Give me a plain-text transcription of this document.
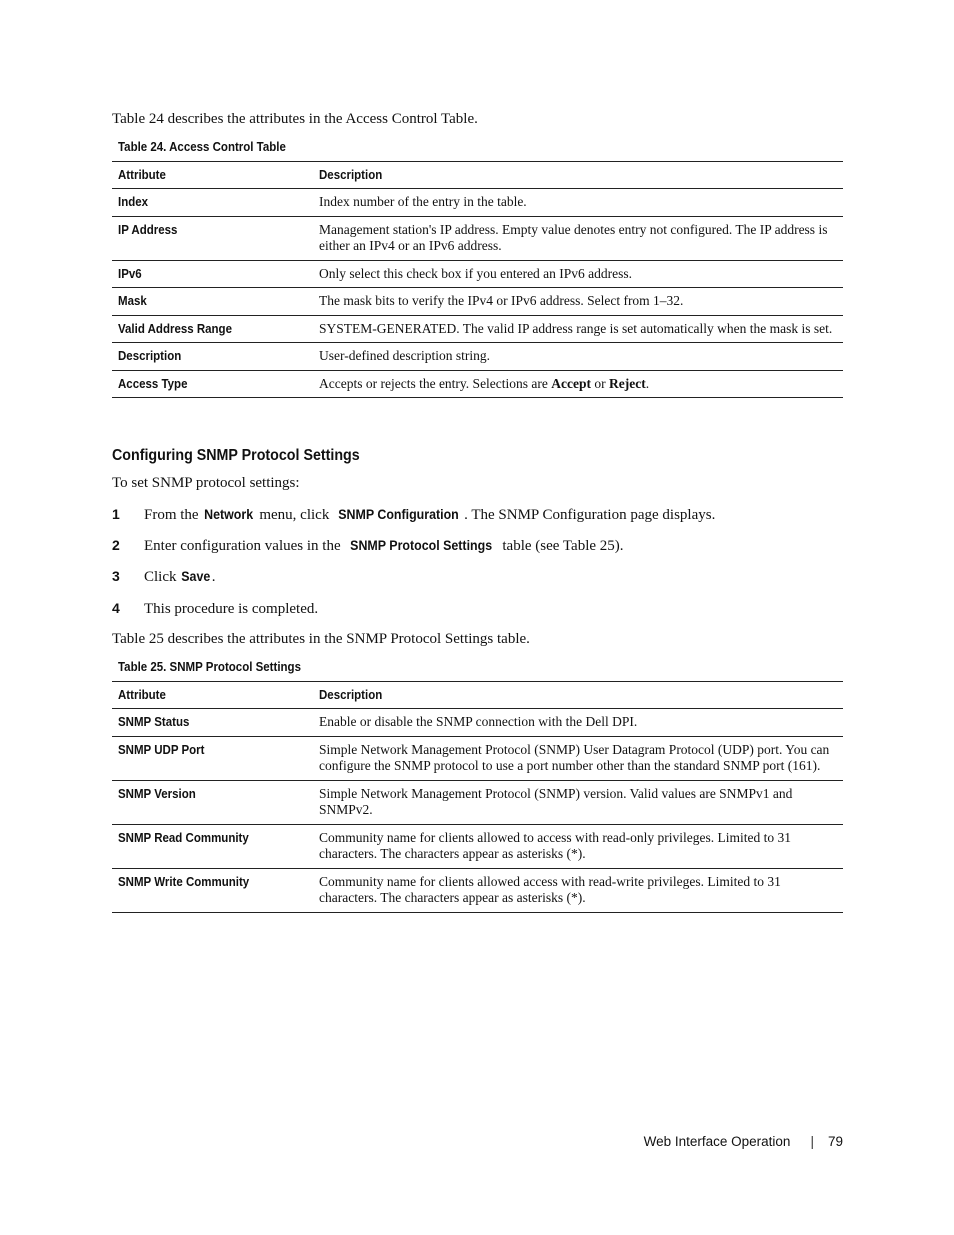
Table 24 describes the attributes in the Access Control Table.
Table 24. Access Control Table
Attribute	Description
Index	Index number of the entry in the table.
IP Address	Management station's IP address. Empty value denotes entry not configured. The IP address is either an IPv4 or an IPv6 address.
IPv6	Only select this check box if you entered an IPv6 address.
Mask	The mask bits to verify the IPv4 or IPv6 address. Select from 1–32.
Valid Address Range	SYSTEM-GENERATED. The valid IP address range is set automatically when the mask is set.
Description	User-defined description string.
Access Type	Accepts or rejects the entry. Selections are Accept or Reject.
Configuring SNMP Protocol Settings
To set SNMP protocol settings:
1 From the Network menu, click SNMP Configuration . The SNMP Configuration page displays.
2 Enter configuration values in the SNMP Protocol Settings table (see Table 25).
3 Click Save.
4 This procedure is completed.
Table 25 describes the attributes in the SNMP Protocol Settings table.
Table 25. SNMP Protocol Settings
Attribute	Description
SNMP Status	Enable or disable the SNMP connection with the Dell DPI.
SNMP UDP Port	Simple Network Management Protocol (SNMP) User Datagram Protocol (UDP) port. You can configure the SNMP protocol to use a port number other than the standard SNMP port (161).
SNMP Version	Simple Network Management Protocol (SNMP) version. Valid values are SNMPv1 and SNMPv2.
SNMP Read Community	Community name for clients allowed to access with read-only privileges. Limited to 31 characters. The characters appear as asterisks (*).
SNMP Write Community	Community name for clients allowed access with read-write privileges. Limited to 31 characters. The characters appear as asterisks (*).
Web Interface Operation | 79
